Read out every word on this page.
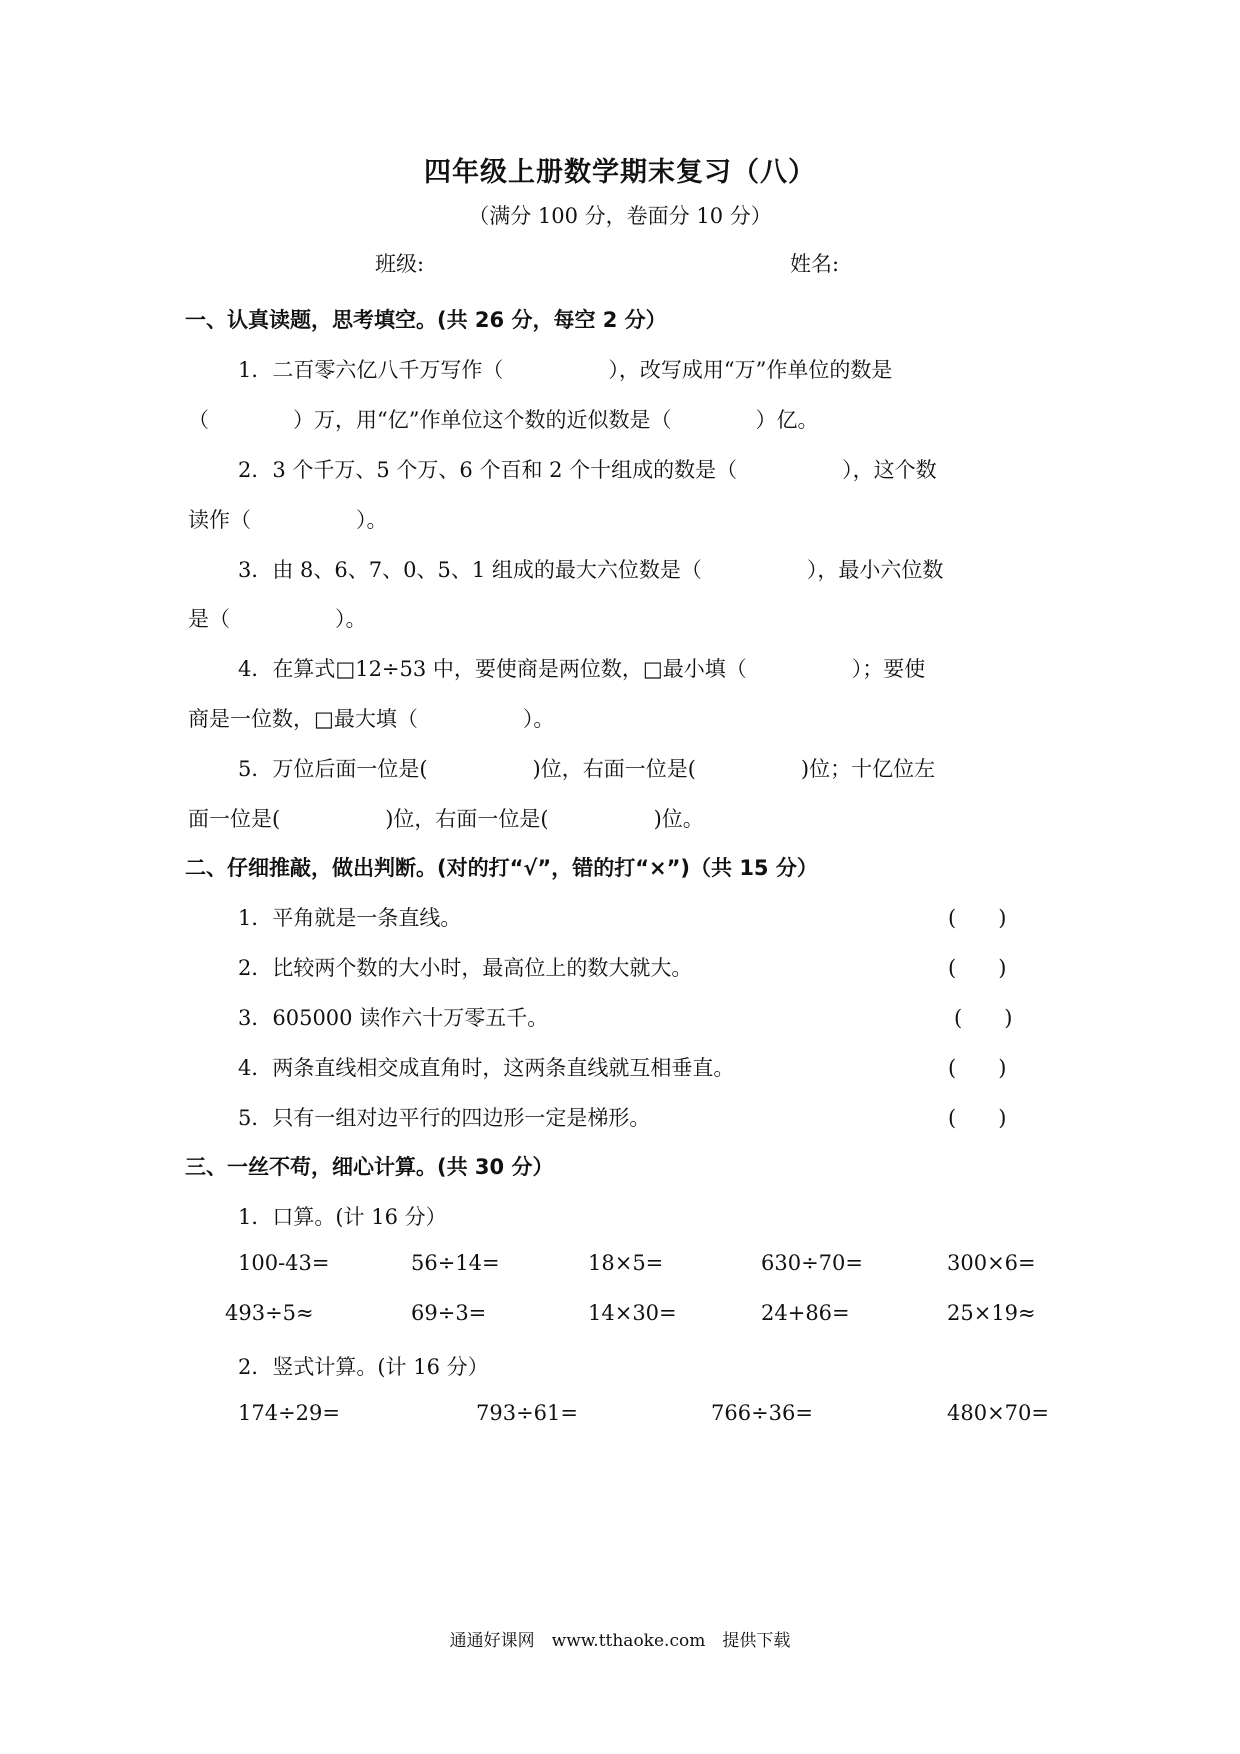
四年级上册数学期末复习（八）
（满分 100 分，卷面分 10 分）
班级:	姓名:
一、认真读题，思考填空。(共 26 分，每空 2 分）
1．二百零六亿八千万写作（　　　　　），改写成用“万”作单位的数是
（　　　　）万，用“亿”作单位这个数的近似数是（　　　　）亿。
2．3 个千万、5 个万、6 个百和 2 个十组成的数是（　　　　　），这个数
读作（　　　　　）。
3．由 8、6、7、0、5、1 组成的最大六位数是（　　　　　），最小六位数
是（　　　　　）。
4．在算式□12÷53 中，要使商是两位数，□最小填（　　　　　）；要使
商是一位数，□最大填（　　　　　）。
5．万位后面一位是(　　　　　)位，右面一位是(　　　　　)位；十亿位左
面一位是(　　　　　)位，右面一位是(　　　　　)位。
二、仔细推敲，做出判断。(对的打“√”，错的打“×”)（共 15 分）
1．平角就是一条直线。	(　　)
2．比较两个数的大小时，最高位上的数大就大。	(　　)
3．605000 读作六十万零五千。	(　　)
4．两条直线相交成直角时，这两条直线就互相垂直。	(　　)
5．只有一组对边平行的四边形一定是梯形。	(　　)
三、一丝不苟，细心计算。(共 30 分）
1．口算。(计 16 分）
100-43=	56÷14=	18×5=	630÷70=	300×6=
493÷5≈	69÷3=	14×30=	24+86=	25×19≈
2．竖式计算。(计 16 分）
174÷29=	793÷61=	766÷36=	480×70=
通通好课网　www.tthaoke.com　提供下载
